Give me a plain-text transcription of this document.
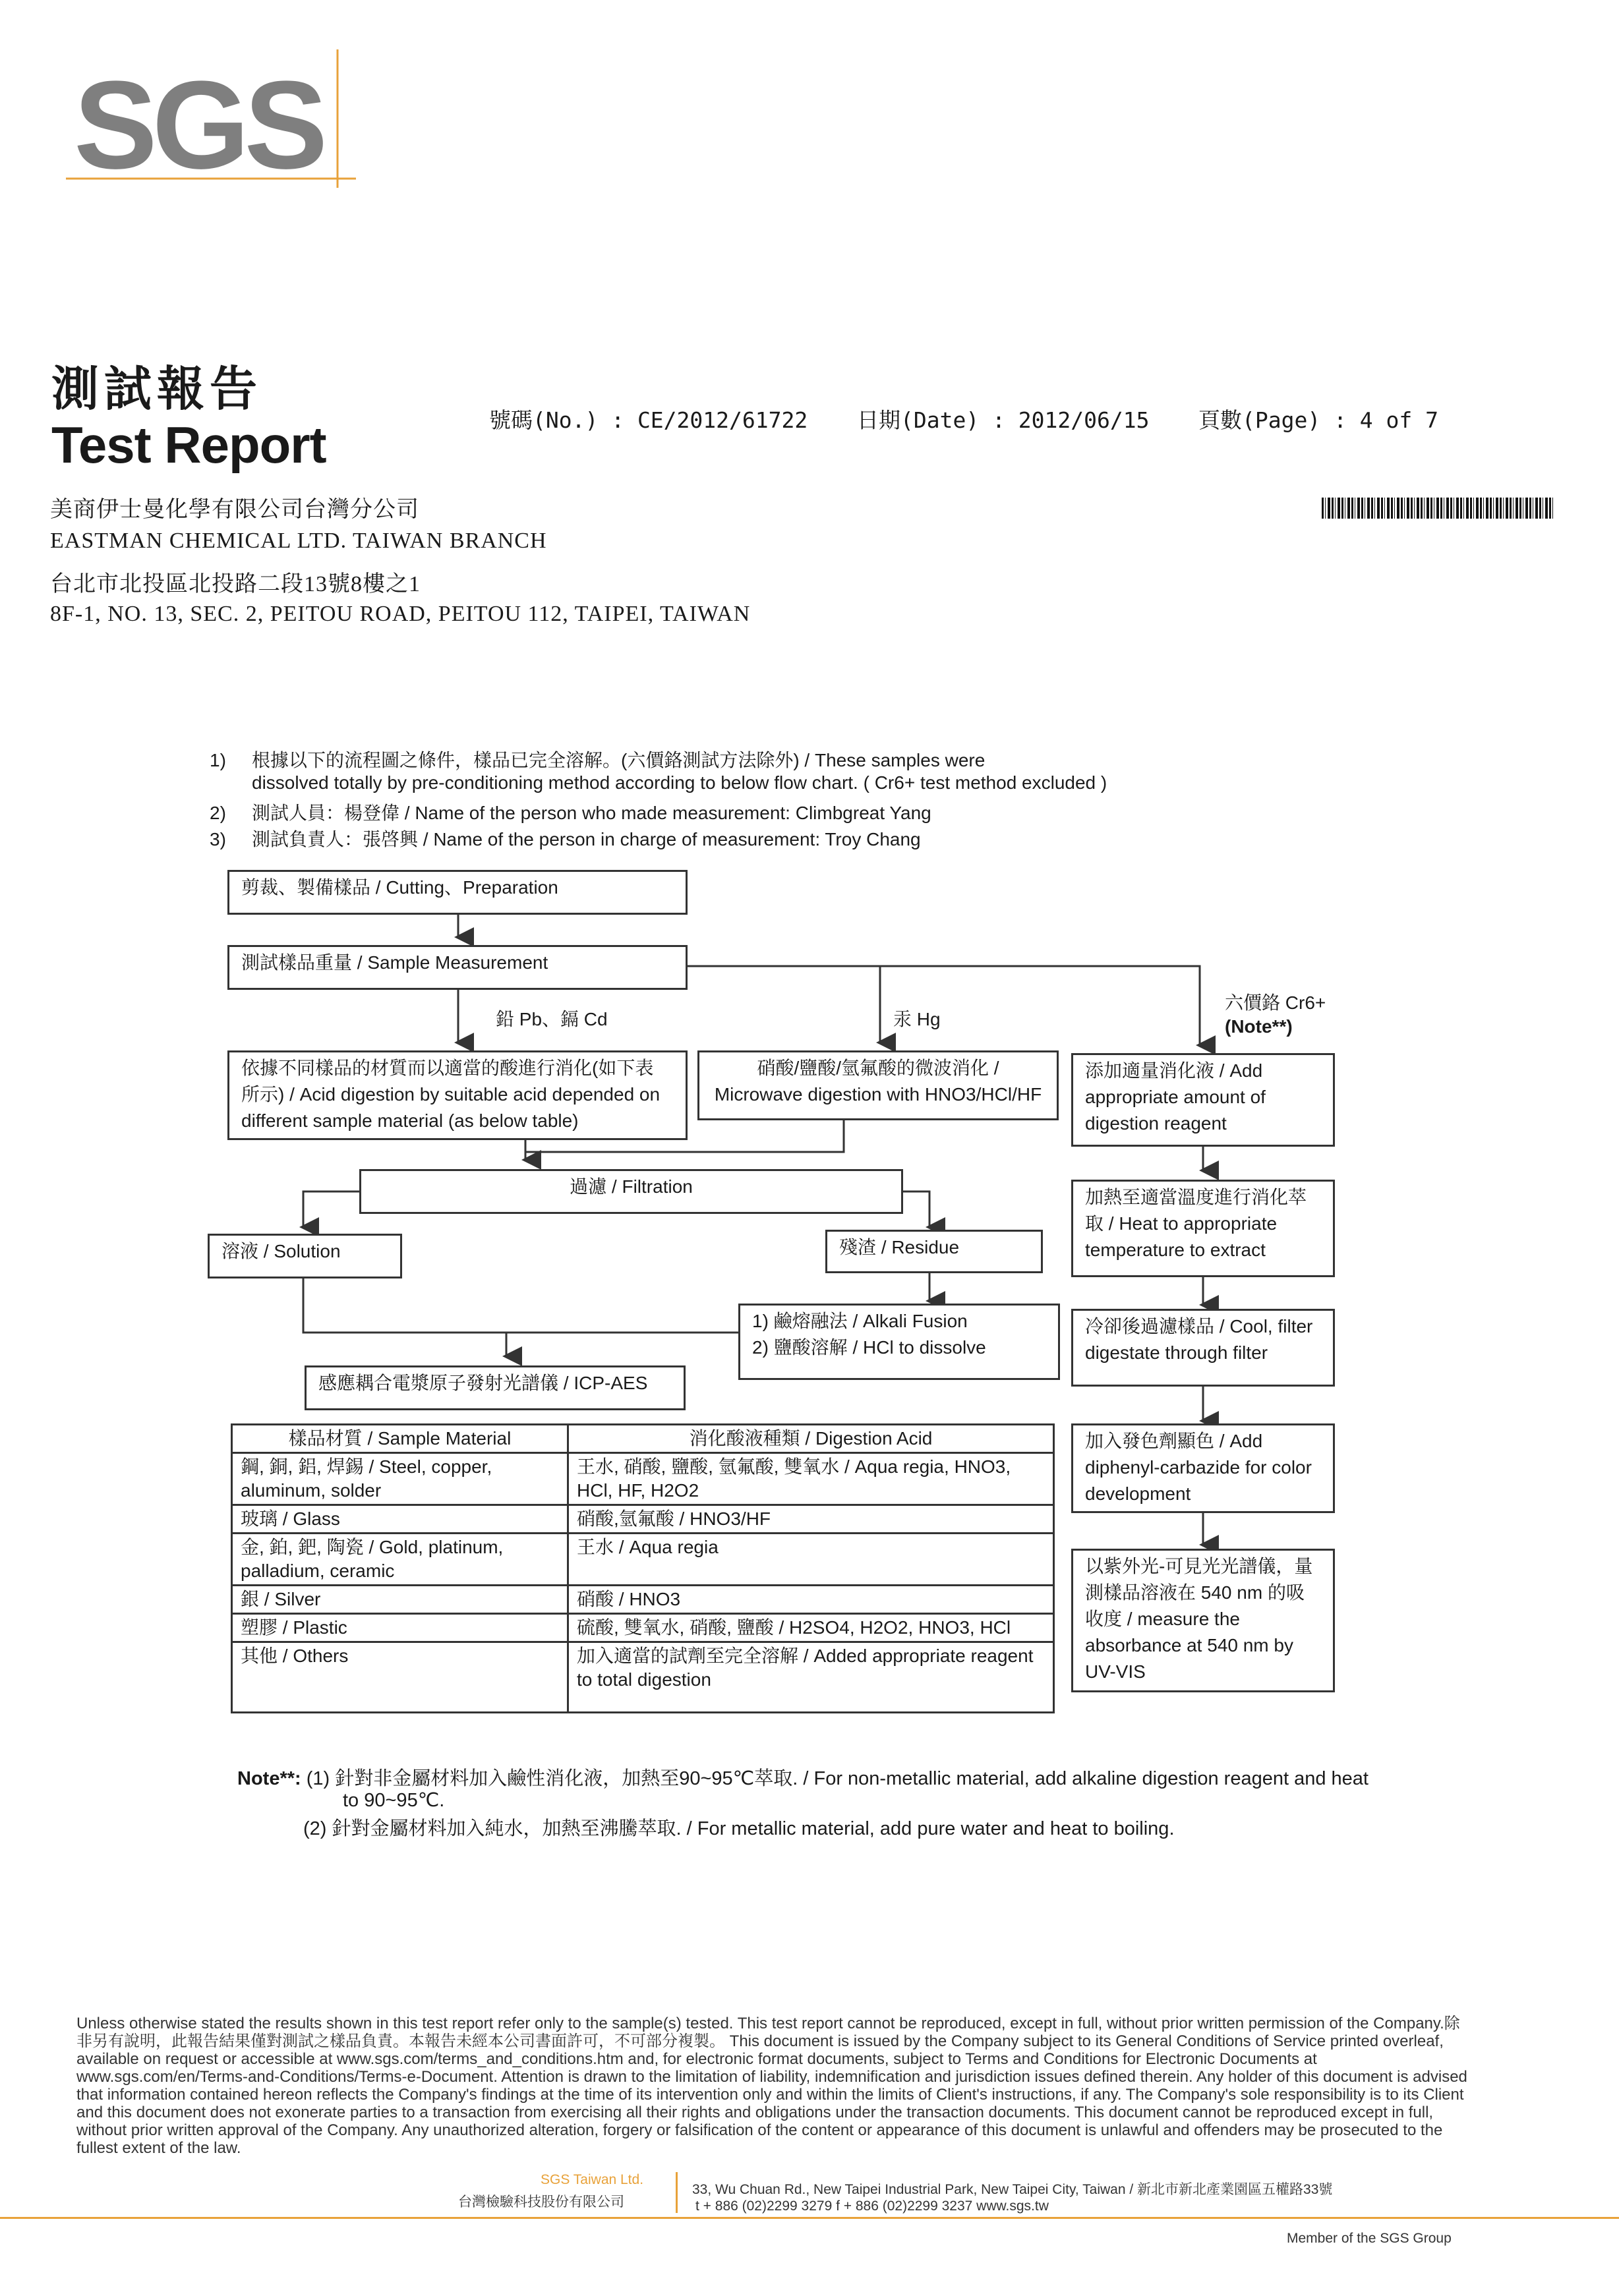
SGS
測試報告
Test Report	號碼(No.) : CE/2012/61722 日期(Date) : 2012/06/15 頁數(Page) : 4 of 7
美商伊士曼化學有限公司台灣分公司
EASTMAN CHEMICAL LTD. TAIWAN BRANCH
台北市北投區北投路二段13號8樓之1
8F-1, NO. 13, SEC. 2, PEITOU ROAD, PEITOU 112, TAIPEI, TAIWAN
1) 根據以下的流程圖之條件，樣品已完全溶解。(六價鉻測試方法除外) / These samples were
dissolved totally by pre-conditioning method according to below flow chart. ( Cr6+ test method excluded )
2) 測試人員：楊登偉 / Name of the person who made measurement: Climbgreat Yang
3) 測試負責人：張啓興 / Name of the person in charge of measurement: Troy Chang
剪裁、製備樣品 / Cutting、Preparation
測試樣品重量 / Sample Measurement
鉛 Pb、鎘 Cd	汞 Hg
六價鉻 Cr6+
(Note**)
依據不同樣品的材質而以適當的酸進行消化(如下表
所示) / Acid digestion by suitable acid depended on
different sample material (as below table)
硝酸/鹽酸/氫氟酸的微波消化 /
Microwave digestion with HNO3/HCl/HF
過濾 / Filtration
溶液 / Solution	殘渣 / Residue
1) 鹼熔融法 / Alkali Fusion
2) 鹽酸溶解 / HCl to dissolve
感應耦合電漿原子發射光譜儀 / ICP-AES
添加適量消化液 / Add appropriate amount of digestion reagent
加熱至適當溫度進行消化萃取 / Heat to appropriate temperature to extract
冷卻後過濾樣品 / Cool, filter digestate through filter
加入發色劑顯色 / Add diphenyl-carbazide for color development
以紫外光-可見光光譜儀，量測樣品溶液在 540 nm 的吸收度 / measure the absorbance at 540 nm by UV-VIS
樣品材質 / Sample Material	消化酸液種類 / Digestion Acid
鋼, 銅, 鋁, 焊錫 / Steel, copper, aluminum, solder	王水, 硝酸, 鹽酸, 氫氟酸, 雙氧水 / Aqua regia, HNO3, HCl, HF, H2O2
玻璃 / Glass	硝酸,氫氟酸 / HNO3/HF
金, 鉑, 鈀, 陶瓷 / Gold, platinum, palladium, ceramic	王水 / Aqua regia
銀 / Silver	硝酸 / HNO3
塑膠 / Plastic	硫酸, 雙氧水, 硝酸, 鹽酸 / H2SO4, H2O2, HNO3, HCl
其他 / Others	加入適當的試劑至完全溶解 / Added appropriate reagent to total digestion
Note**: (1) 針對非金屬材料加入鹼性消化液，加熱至90~95℃萃取. / For non-metallic material, add alkaline digestion reagent and heat
to 90~95℃.
(2) 針對金屬材料加入純水，加熱至沸騰萃取. / For metallic material, add pure water and heat to boiling.
Unless otherwise stated the results shown in this test report refer only to the sample(s) tested. This test report cannot be reproduced, except in full, without prior written permission of the Company.除非另有說明，此報告結果僅對測試之樣品負責。本報告未經本公司書面許可，不可部分複製。 This document is issued by the Company subject to its General Conditions of Service printed overleaf, available on request or accessible at www.sgs.com/terms_and_conditions.htm and, for electronic format documents, subject to Terms and Conditions for Electronic Documents at www.sgs.com/en/Terms-and-Conditions/Terms-e-Document. Attention is drawn to the limitation of liability, indemnification and jurisdiction issues defined therein. Any holder of this document is advised that information contained hereon reflects the Company's findings at the time of its intervention only and within the limits of Client's instructions, if any. The Company's sole responsibility is to its Client and this document does not exonerate parties to a transaction from exercising all their rights and obligations under the transaction documents. This document cannot be reproduced except in full, without prior written approval of the Company. Any unauthorized alteration, forgery or falsification of the content or appearance of this document is unlawful and offenders may be prosecuted to the fullest extent of the law.
SGS Taiwan Ltd.
台灣檢驗科技股份有限公司
33, Wu Chuan Rd., New Taipei Industrial Park, New Taipei City, Taiwan / 新北市新北產業園區五權路33號
t + 886 (02)2299 3279 f + 886 (02)2299 3237 www.sgs.tw
Member of the SGS Group
